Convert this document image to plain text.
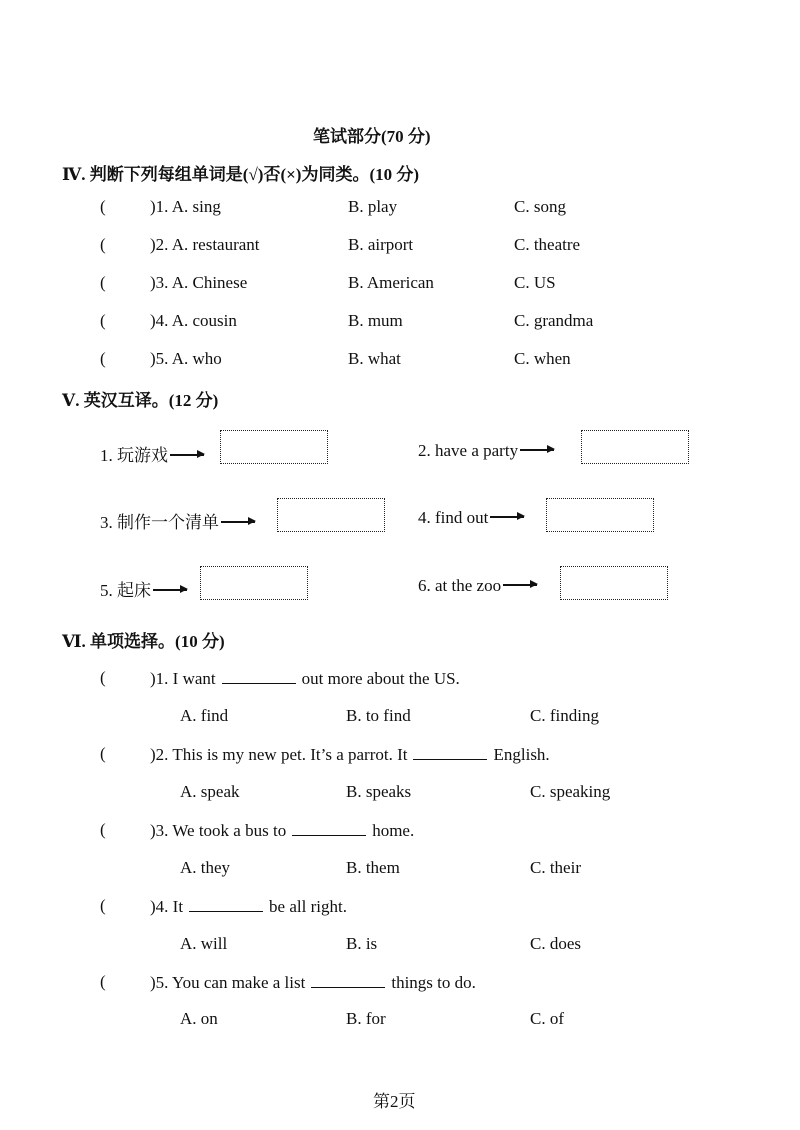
笔试部分(70 分)
Ⅳ. 判断下列每组单词是(√)否(×)为同类。(10 分)
(	)1. A. sing	B. play	C. song
(	)2. A. restaurant	B. airport	C. theatre
(	)3. A. Chinese	B. American	C. US
(	)4. A. cousin	B. mum	C. grandma
(	)5. A. who	B. what	C. when
Ⅴ. 英汉互译。(12 分)
1. 玩游戏	2. have a party
3. 制作一个清单	4. find out
5. 起床	6. at the zoo
Ⅵ. 单项选择。(10 分)
(	)1. I want	out more about the US.
A. find	B. to find	C. finding
(	)2. This is my new pet. It’s a parrot. It	English.
A. speak	B. speaks	C. speaking
(	)3. We took a bus to	home.
A. they	B. them	C. their
(	)4. It	be all right.
A. will	B. is	C. does
(	)5. You can make a list	things to do.
A. on	B. for	C. of
第2页
